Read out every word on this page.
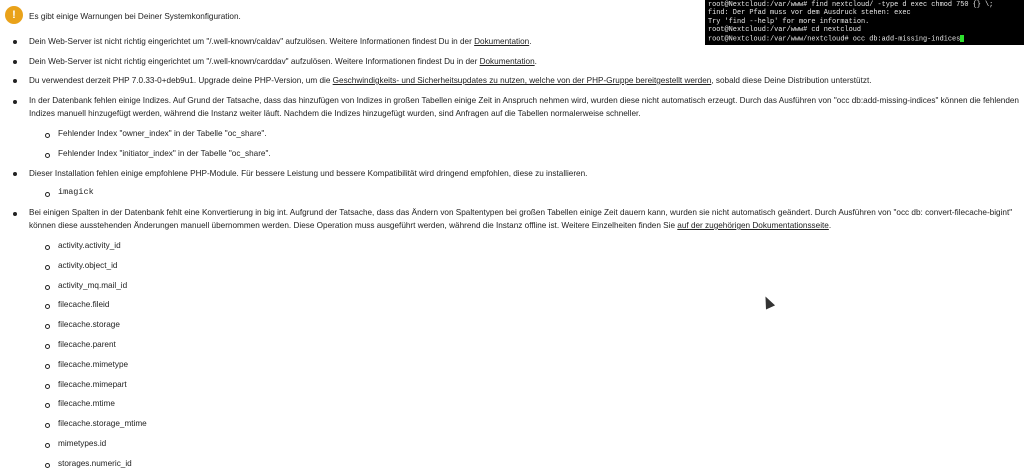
! Es gibt einige Warnungen bei Deiner Systemkonfiguration.
Dein Web-Server ist nicht richtig eingerichtet um "/.well-known/caldav" aufzulösen. Weitere Informationen findest Du in der Dokumentation.
Dein Web-Server ist nicht richtig eingerichtet um "/.well-known/carddav" aufzulösen. Weitere Informationen findest Du in der Dokumentation.
Du verwendest derzeit PHP 7.0.33-0+deb9u1. Upgrade deine PHP-Version, um die Geschwindigkeits- und Sicherheitsupdates zu nutzen, welche von der PHP-Gruppe bereitgestellt werden, sobald diese Deine Distribution unterstützt.
In der Datenbank fehlen einige Indizes. Auf Grund der Tatsache, dass das hinzufügen von Indizes in großen Tabellen einige Zeit in Anspruch nehmen wird, wurden diese nicht automatisch erzeugt. Durch das Ausführen von "occ db:add-missing-indices" können die fehlenden Indizes manuell hinzugefügt werden, während die Instanz weiter läuft. Nachdem die Indizes hinzugefügt wurden, sind Anfragen auf die Tabellen normalerweise schneller.
Fehlender Index "owner_index" in der Tabelle "oc_share".
Fehlender Index "initiator_index" in der Tabelle "oc_share".
Dieser Installation fehlen einige empfohlene PHP-Module. Für bessere Leistung und bessere Kompatibilität wird dringend empfohlen, diese zu installieren.
imagick
Bei einigen Spalten in der Datenbank fehlt eine Konvertierung in big int. Aufgrund der Tatsache, dass das Ändern von Spaltentypen bei großen Tabellen einige Zeit dauern kann, wurden sie nicht automatisch geändert. Durch Ausführen von "occ db: convert-filecache-bigint" können diese ausstehenden Änderungen manuell übernommen werden. Diese Operation muss ausgeführt werden, während die Instanz offline ist. Weitere Einzelheiten finden Sie auf der zugehörigen Dokumentationsseite.
activity.activity_id
activity.object_id
activity_mq.mail_id
filecache.fileid
filecache.storage
filecache.parent
filecache.mimetype
filecache.mimepart
filecache.mtime
filecache.storage_mtime
mimetypes.id
storages.numeric_id
root@Nextcloud:/var/www# find nextcloud/ -type d exec chmod 750 {} \;
find: Der Pfad muss vor dem Ausdruck stehen: exec
Try 'find --help' for more information.
root@Nextcloud:/var/www# cd nextcloud
root@Nextcloud:/var/www/nextcloud# occ db:add-missing-indices
